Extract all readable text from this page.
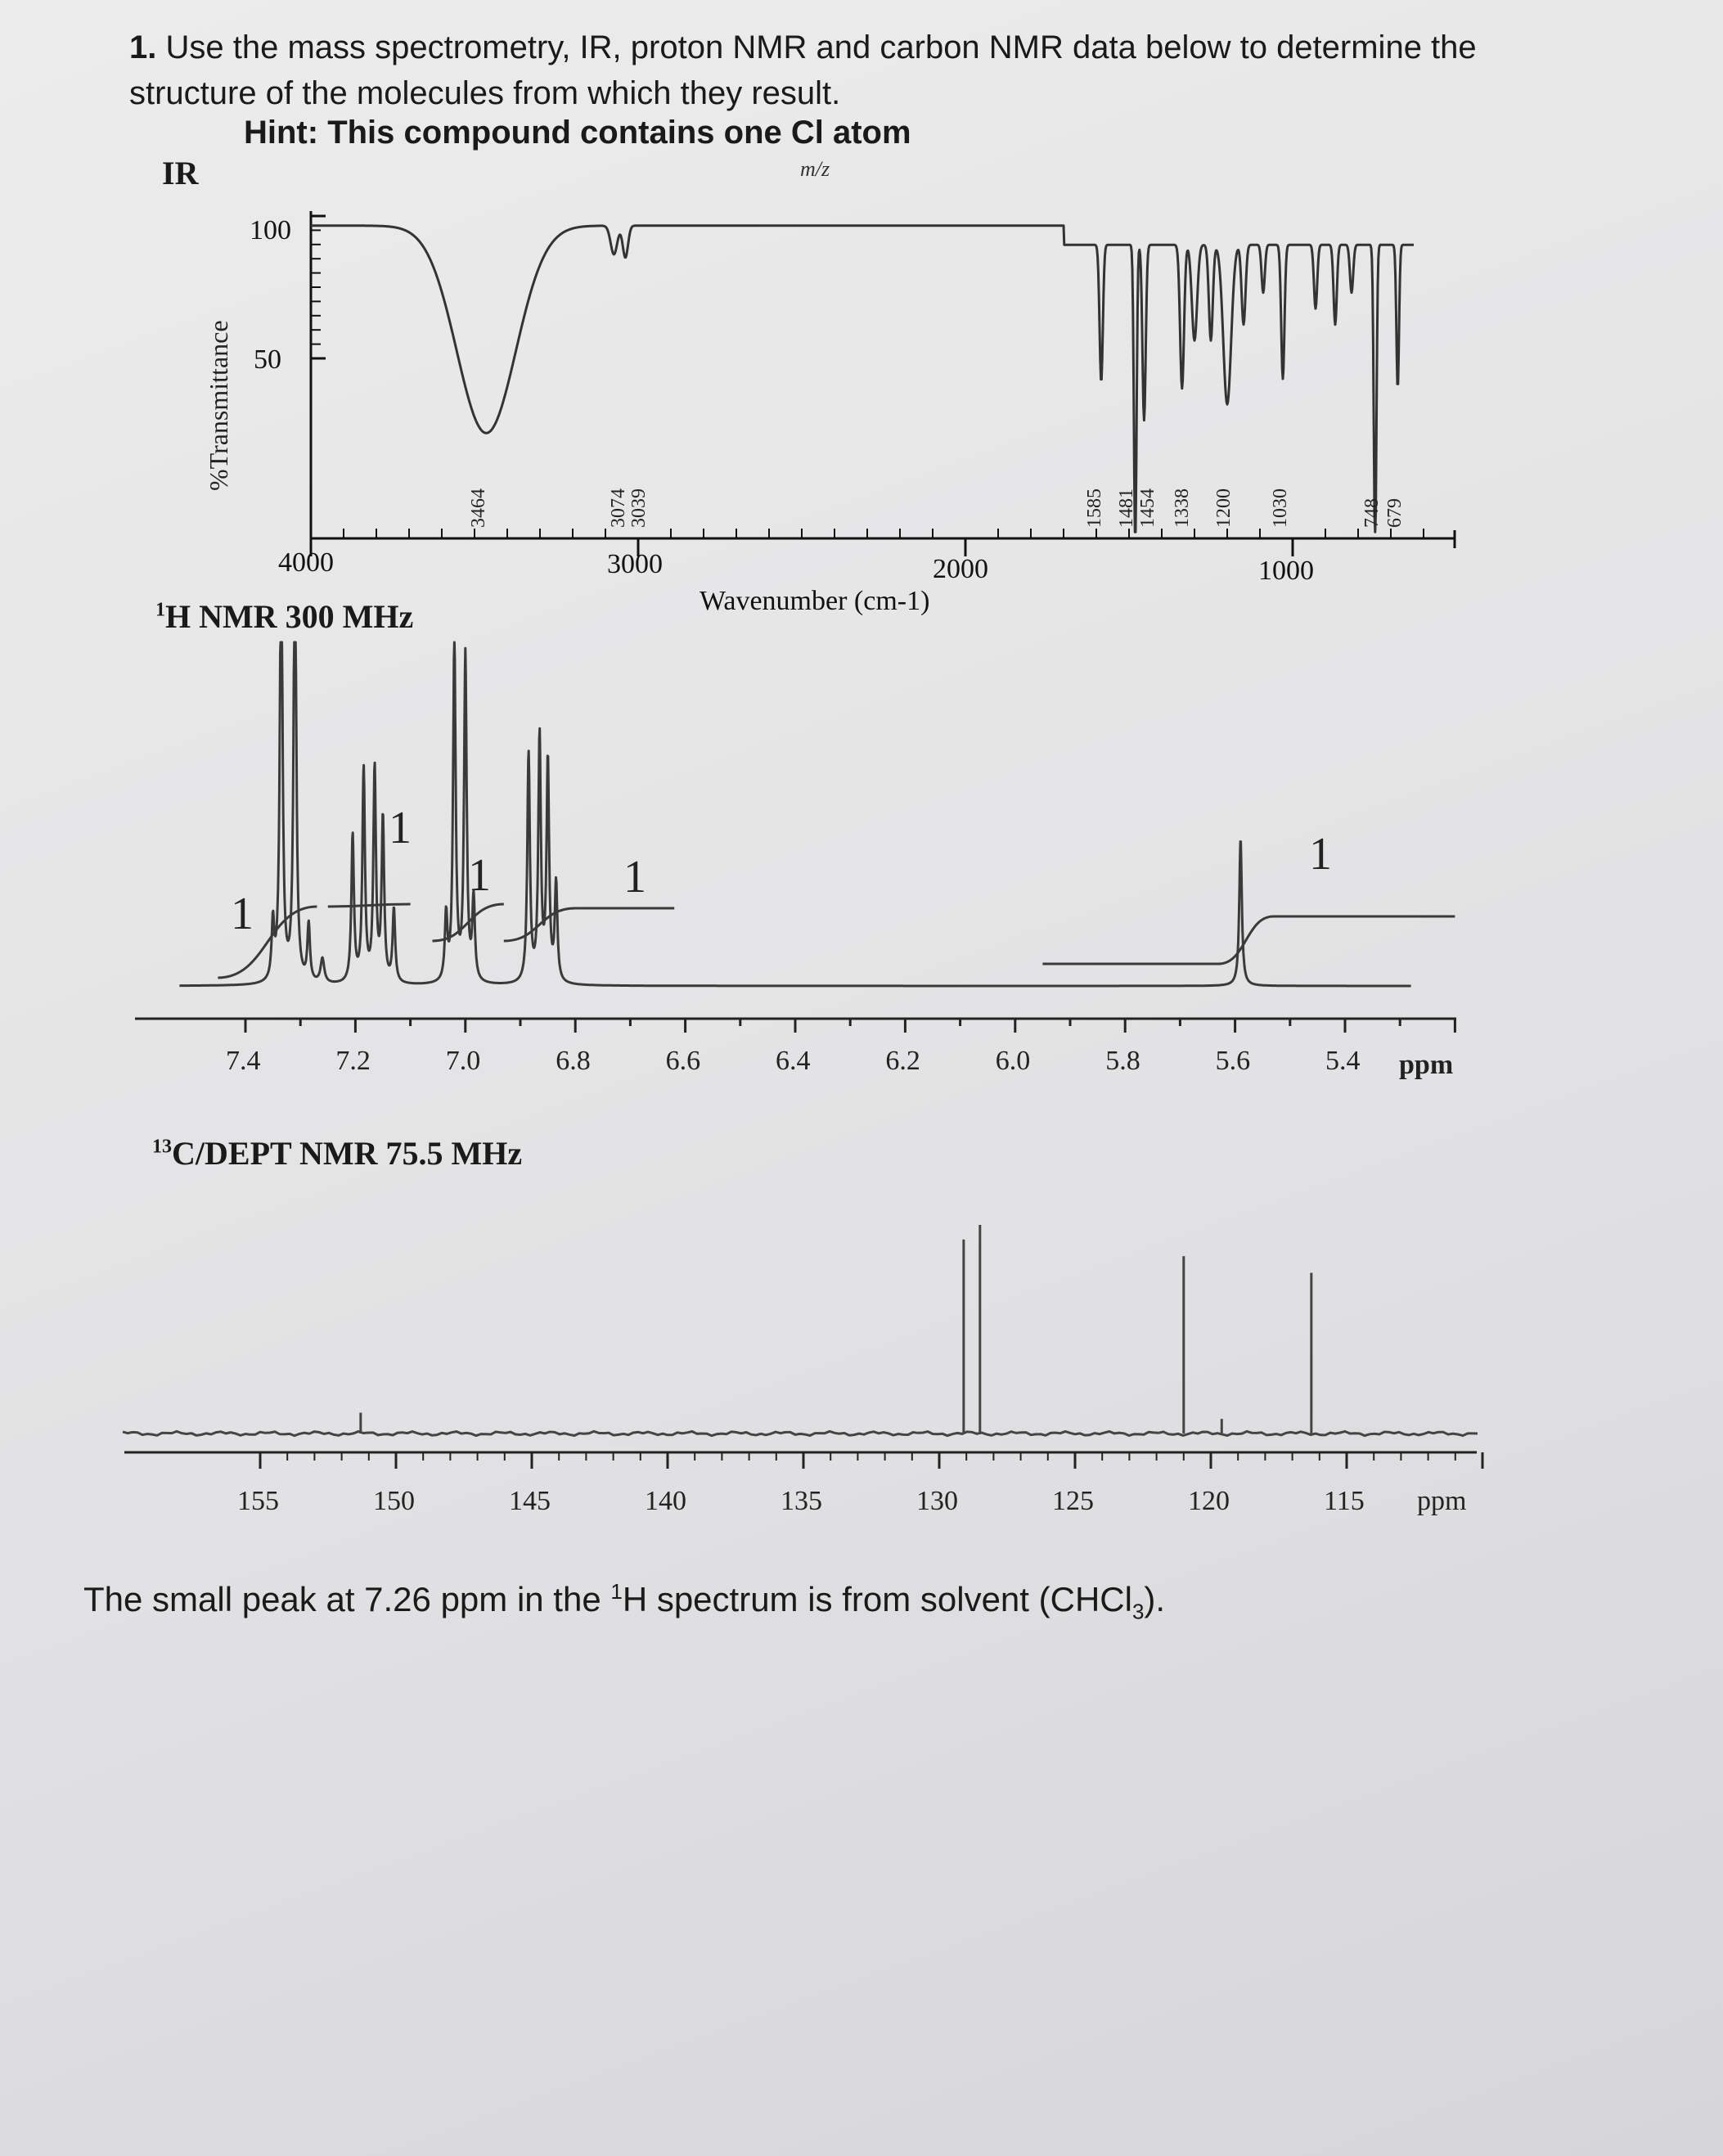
1. Use the mass spectrometry, IR, proton NMR and carbon NMR data below to determine the structure of the molecules from which they result.
Hint: This compound contains one Cl atom
IR	m/z
%Transmittance
100
50
4000	3000	2000	1000
Wavenumber (cm-1)
3464	3074 3039	1585 1481 1454 1338 1200 1030	748 679
$^1$H NMR 300 MHz
7.4	7.2	7.0	6.8	6.6	6.4	6.2	6.0	5.8	5.6	5.4 ppm
1
1
1	1	1
$^{13}$C/DEPT NMR 75.5 MHz
155	150	145	140	135	130	125	120	115 ppm
The small peak at 7.26 ppm in the $^1$H spectrum is from solvent (CHCl$_3$).
